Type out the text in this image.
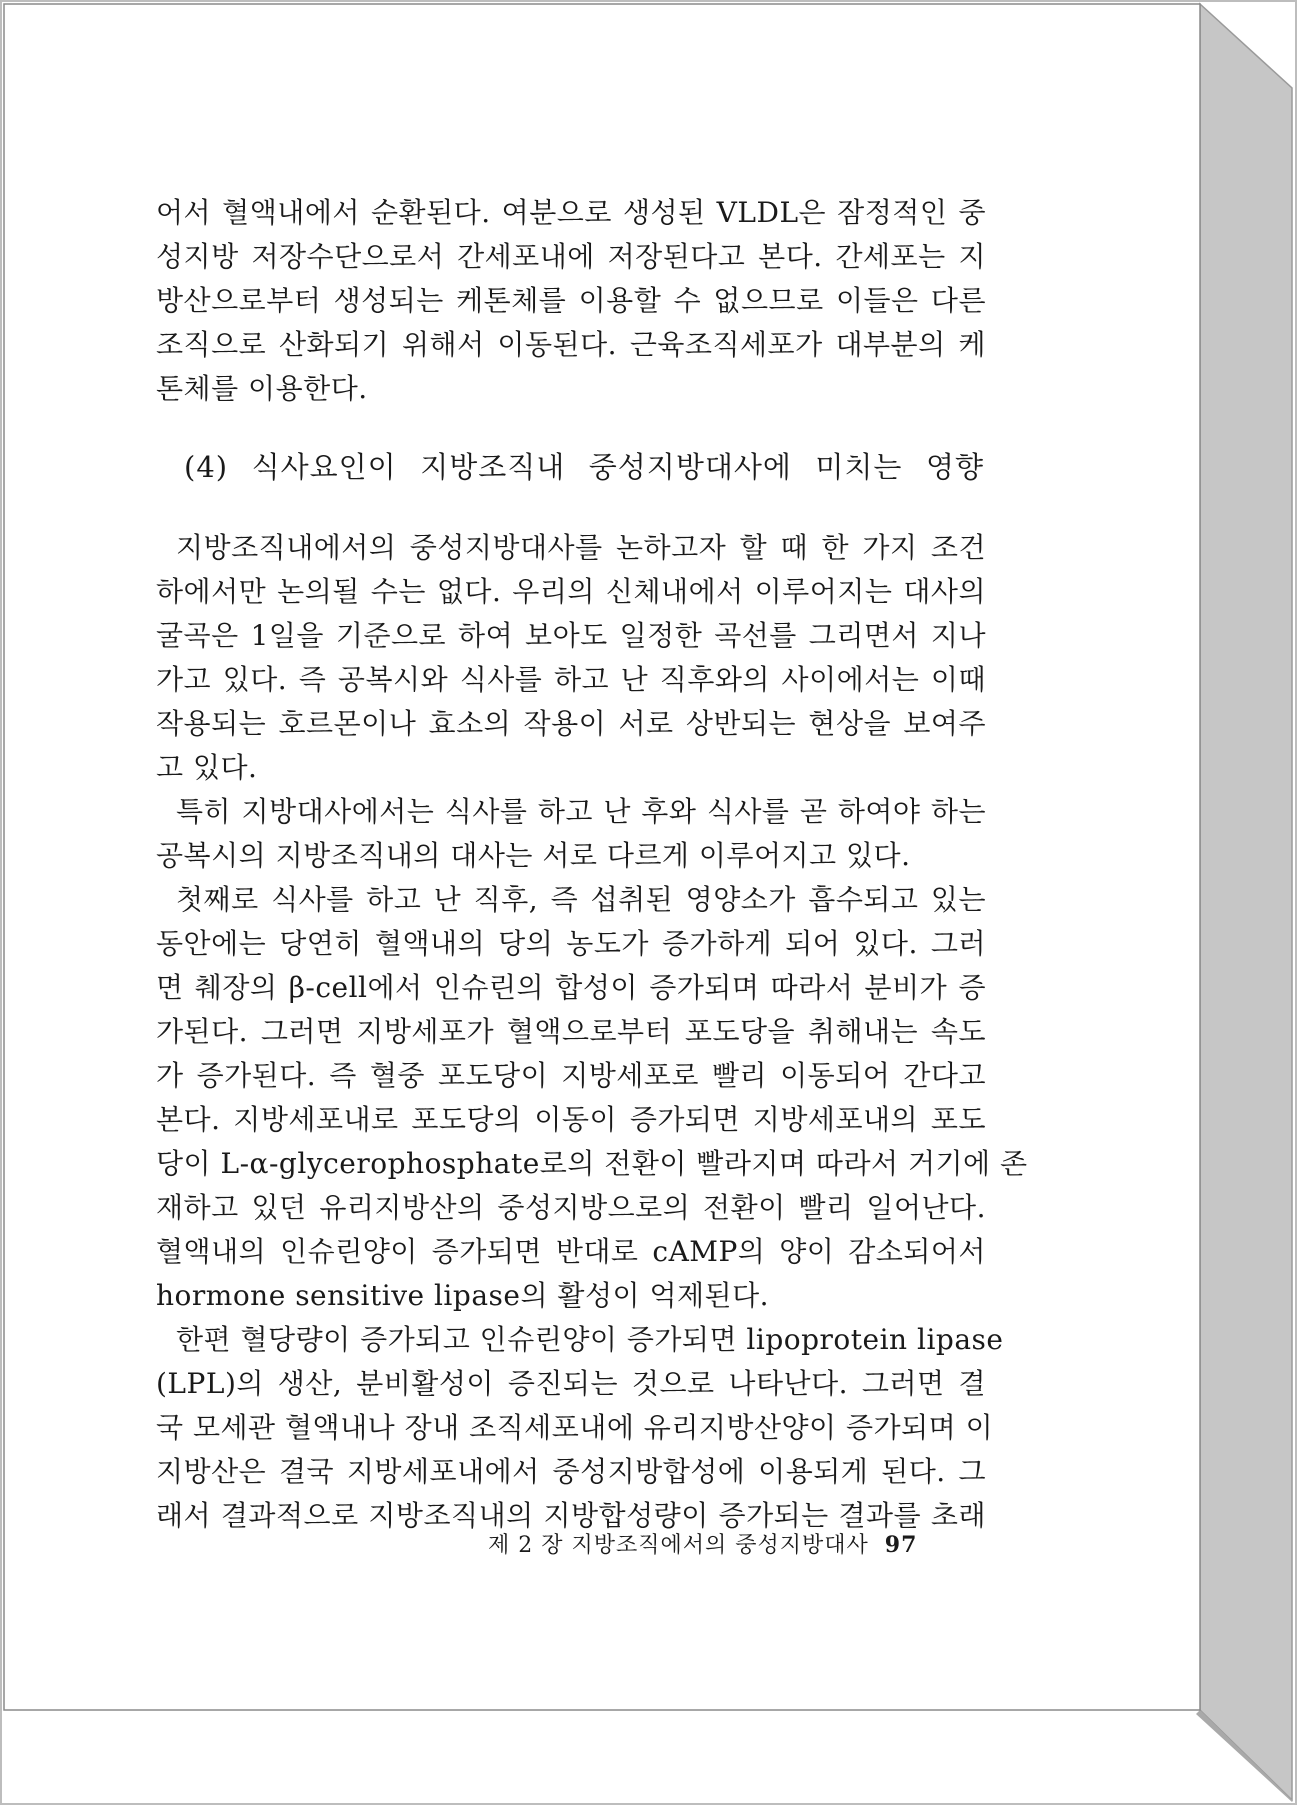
어서 혈액내에서 순환된다. 여분으로 생성된 VLDL은 잠정적인 중
성지방 저장수단으로서 간세포내에 저장된다고 본다. 간세포는 지
방산으로부터 생성되는 케톤체를 이용할 수 없으므로 이들은 다른
조직으로 산화되기 위해서 이동된다. 근육조직세포가 대부분의 케
톤체를 이용한다.
(4) 식사요인이 지방조직내 중성지방대사에 미치는 영향
지방조직내에서의 중성지방대사를 논하고자 할 때 한 가지 조건
하에서만 논의될 수는 없다. 우리의 신체내에서 이루어지는 대사의
굴곡은 1일을 기준으로 하여 보아도 일정한 곡선를 그리면서 지나
가고 있다. 즉 공복시와 식사를 하고 난 직후와의 사이에서는 이때
작용되는 호르몬이나 효소의 작용이 서로 상반되는 현상을 보여주
고 있다.
특히 지방대사에서는 식사를 하고 난 후와 식사를 곧 하여야 하는
공복시의 지방조직내의 대사는 서로 다르게 이루어지고 있다.
첫째로 식사를 하고 난 직후, 즉 섭취된 영양소가 흡수되고 있는
동안에는 당연히 혈액내의 당의 농도가 증가하게 되어 있다. 그러
면 췌장의 β-cell에서 인슈린의 합성이 증가되며 따라서 분비가 증
가된다. 그러면 지방세포가 혈액으로부터 포도당을 취해내는 속도
가 증가된다. 즉 혈중 포도당이 지방세포로 빨리 이동되어 간다고
본다. 지방세포내로 포도당의 이동이 증가되면 지방세포내의 포도
당이 L-α-glycerophosphate로의 전환이 빨라지며 따라서 거기에 존
재하고 있던 유리지방산의 중성지방으로의 전환이 빨리 일어난다.
혈액내의 인슈린양이 증가되면 반대로 cAMP의 양이 감소되어서
hormone sensitive lipase의 활성이 억제된다.
한편 혈당량이 증가되고 인슈린양이 증가되면 lipoprotein lipase
(LPL)의 생산, 분비활성이 증진되는 것으로 나타난다. 그러면 결
국 모세관 혈액내나 장내 조직세포내에 유리지방산양이 증가되며 이
지방산은 결국 지방세포내에서 중성지방합성에 이용되게 된다. 그
래서 결과적으로 지방조직내의 지방합성량이 증가되는 결과를 초래
제 2 장 지방조직에서의 중성지방대사 97
